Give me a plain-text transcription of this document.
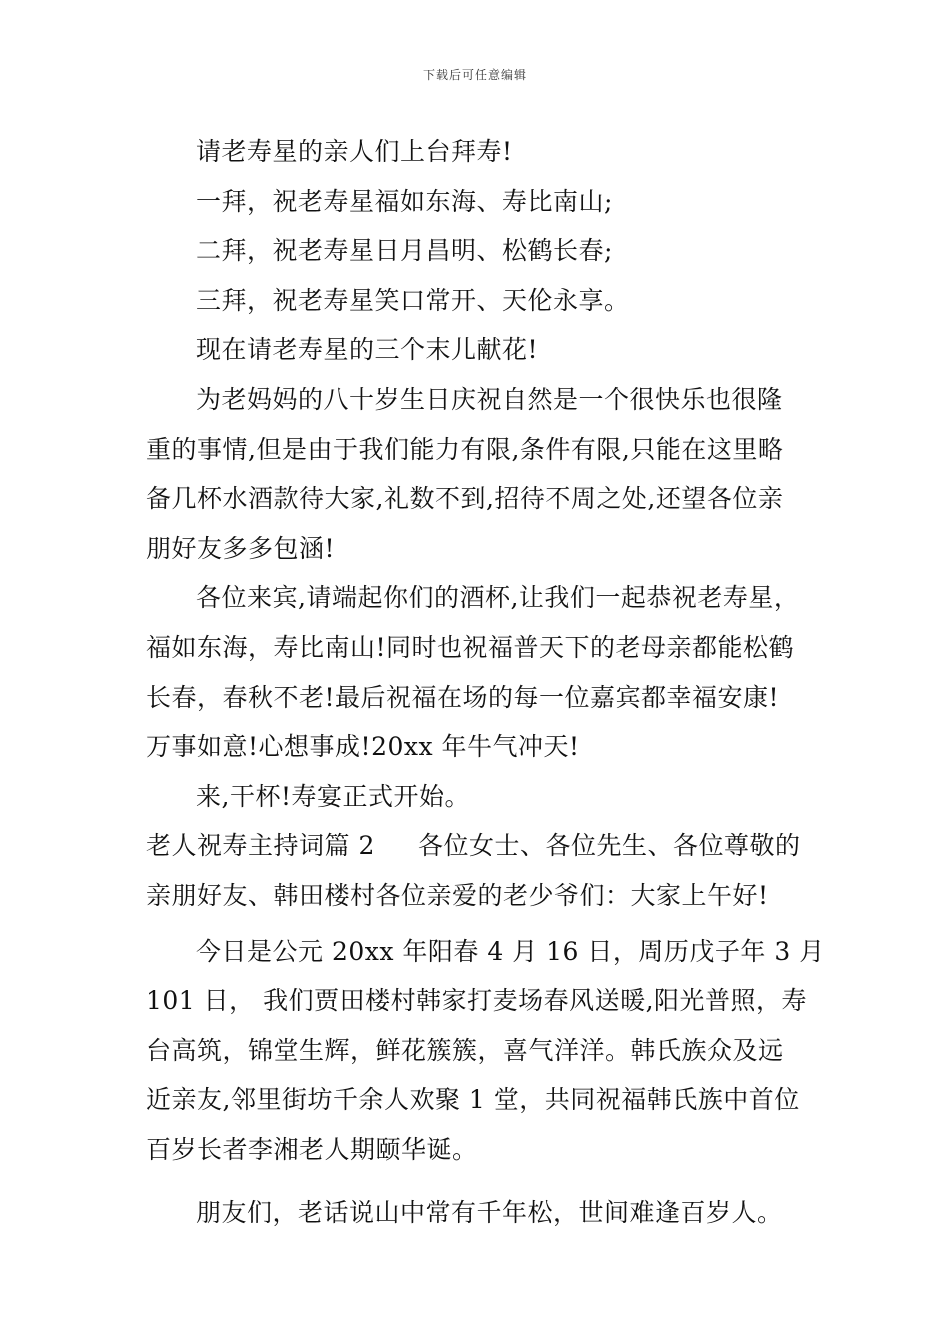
下载后可任意编辑
请老寿星的亲人们上台拜寿!
一拜，祝老寿星福如东海、寿比南山;
二拜，祝老寿星日月昌明、松鹤长春;
三拜，祝老寿星笑口常开、天伦永享。
现在请老寿星的三个末儿献花!
为老妈妈的八十岁生日庆祝自然是一个很快乐也很隆
重的事情,但是由于我们能力有限,条件有限,只能在这里略
备几杯水酒款待大家,礼数不到,招待不周之处,还望各位亲
朋好友多多包涵!
各位来宾,请端起你们的酒杯,让我们一起恭祝老寿星，
福如东海，寿比南山!同时也祝福普天下的老母亲都能松鹤
长春，春秋不老!最后祝福在场的每一位嘉宾都幸福安康!
万事如意!心想事成!20xx 年牛气冲天!
来,干杯!寿宴正式开始。
老人祝寿主持词篇 2 各位女士、各位先生、各位尊敬的
亲朋好友、韩田楼村各位亲爱的老少爷们：大家上午好!
今日是公元 20xx 年阳春 4 月 16 日，周历戊子年 3 月
101 日， 我们贾田楼村韩家打麦场春风送暖,阳光普照，寿
台高筑，锦堂生辉，鲜花簇簇，喜气洋洋。韩氏族众及远
近亲友,邻里街坊千余人欢聚 1 堂，共同祝福韩氏族中首位
百岁长者李湘老人期颐华诞。
朋友们，老话说山中常有千年松，世间难逢百岁人。
